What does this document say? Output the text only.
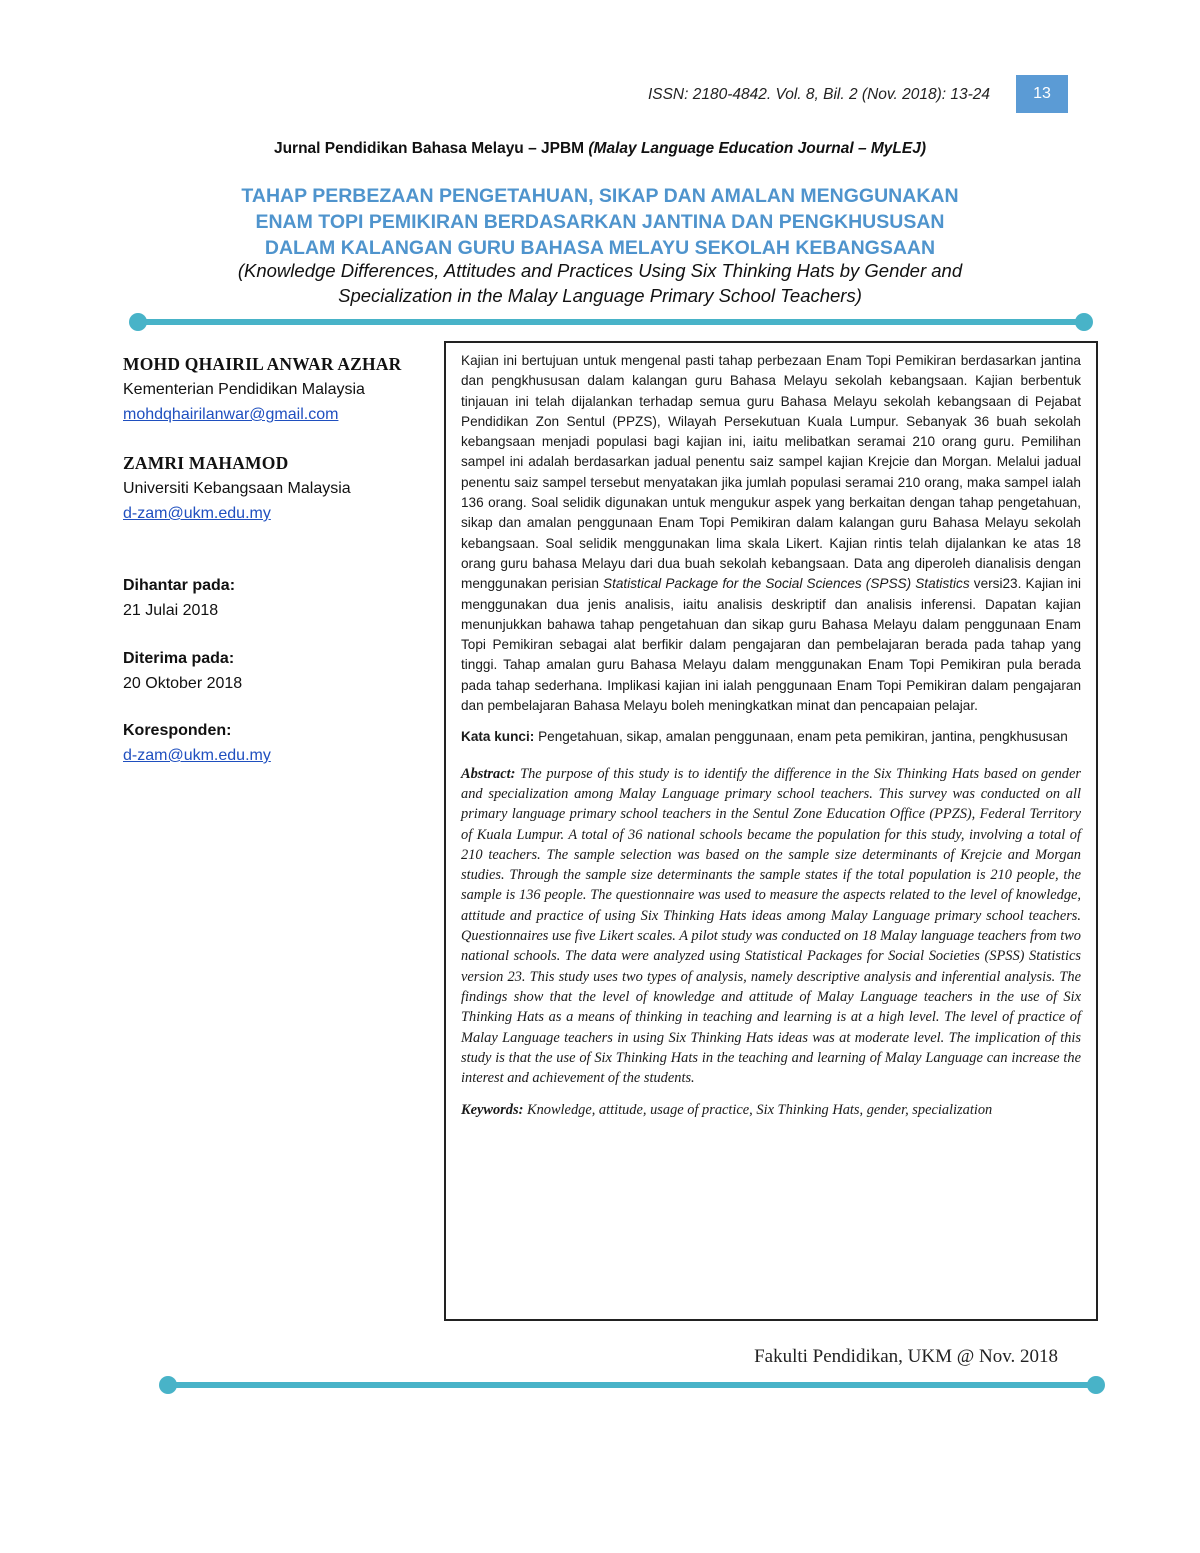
ISSN: 2180-4842. Vol. 8, Bil. 2 (Nov. 2018): 13-24	13
Jurnal Pendidikan Bahasa Melayu – JPBM (Malay Language Education Journal – MyLEJ)
TAHAP PERBEZAAN PENGETAHUAN, SIKAP DAN AMALAN MENGGUNAKAN
ENAM TOPI PEMIKIRAN BERDASARKAN JANTINA DAN PENGKHUSUSAN
DALAM KALANGAN GURU BAHASA MELAYU SEKOLAH KEBANGSAAN
(Knowledge Differences, Attitudes and Practices Using Six Thinking Hats by Gender and
Specialization in the Malay Language Primary School Teachers)
MOHD QHAIRIL ANWAR AZHAR
Kementerian Pendidikan Malaysia
mohdqhairilanwar@gmail.com
ZAMRI MAHAMOD
Universiti Kebangsaan Malaysia
d-zam@ukm.edu.my
Dihantar pada:
21 Julai 2018
Diterima pada:
20 Oktober 2018
Koresponden:
d-zam@ukm.edu.my

Kajian ini bertujuan untuk mengenal pasti tahap perbezaan Enam Topi Pemikiran berdasarkan jantina dan pengkhususan dalam kalangan guru Bahasa Melayu sekolah kebangsaan. Kajian berbentuk tinjauan ini telah dijalankan terhadap semua guru Bahasa Melayu sekolah kebangsaan di Pejabat Pendidikan Zon Sentul (PPZS), Wilayah Persekutuan Kuala Lumpur. Sebanyak 36 buah sekolah kebangsaan menjadi populasi bagi kajian ini, iaitu melibatkan seramai 210 orang guru. Pemilihan sampel ini adalah berdasarkan jadual penentu saiz sampel kajian Krejcie dan Morgan. Melalui jadual penentu saiz sampel tersebut menyatakan jika jumlah populasi seramai 210 orang, maka sampel ialah 136 orang. Soal selidik digunakan untuk mengukur aspek yang berkaitan dengan tahap pengetahuan, sikap dan amalan penggunaan Enam Topi Pemikiran dalam kalangan guru Bahasa Melayu sekolah kebangsaan. Soal selidik menggunakan lima skala Likert. Kajian rintis telah dijalankan ke atas 18 orang guru bahasa Melayu dari dua buah sekolah kebangsaan. Data ang diperoleh dianalisis dengan menggunakan perisian Statistical Package for the Social Sciences (SPSS) Statistics versi23. Kajian ini menggunakan dua jenis analisis, iaitu analisis deskriptif dan analisis inferensi. Dapatan kajian menunjukkan bahawa tahap pengetahuan dan sikap guru Bahasa Melayu dalam penggunaan Enam Topi Pemikiran sebagai alat berfikir dalam pengajaran dan pembelajaran berada pada tahap yang tinggi. Tahap amalan guru Bahasa Melayu dalam menggunakan Enam Topi Pemikiran pula berada pada tahap sederhana. Implikasi kajian ini ialah penggunaan Enam Topi Pemikiran dalam pengajaran dan pembelajaran Bahasa Melayu boleh meningkatkan minat dan pencapaian pelajar.

Kata kunci: Pengetahuan, sikap, amalan penggunaan, enam peta pemikiran, jantina, pengkhususan

Abstract: The purpose of this study is to identify the difference in the Six Thinking Hats based on gender and specialization among Malay Language primary school teachers. This survey was conducted on all primary language primary school teachers in the Sentul Zone Education Office (PPZS), Federal Territory of Kuala Lumpur. A total of 36 national schools became the population for this study, involving a total of 210 teachers. The sample selection was based on the sample size determinants of Krejcie and Morgan studies. Through the sample size determinants the sample states if the total population is 210 people, the sample is 136 people. The questionnaire was used to measure the aspects related to the level of knowledge, attitude and practice of using Six Thinking Hats ideas among Malay Language primary school teachers. Questionnaires use five Likert scales. A pilot study was conducted on 18 Malay language teachers from two national schools. The data were analyzed using Statistical Packages for Social Societies (SPSS) Statistics version 23. This study uses two types of analysis, namely descriptive analysis and inferential analysis. The findings show that the level of knowledge and attitude of Malay Language teachers in the use of Six Thinking Hats as a means of thinking in teaching and learning is at a high level. The level of practice of Malay Language teachers in using Six Thinking Hats ideas was at moderate level. The implication of this study is that the use of Six Thinking Hats in the teaching and learning of Malay Language can increase the interest and achievement of the students.

Keywords: Knowledge, attitude, usage of practice, Six Thinking Hats, gender, specialization

Fakulti Pendidikan, UKM @ Nov. 2018
